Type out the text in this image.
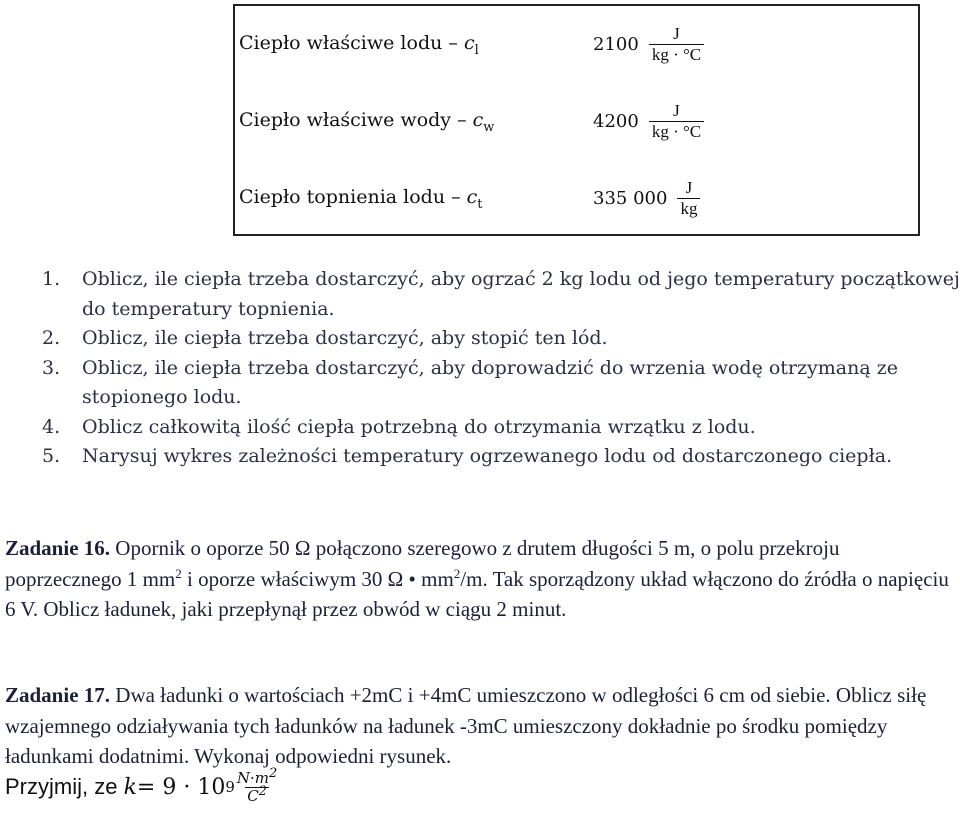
Ciepło właściwe lodu – $c_l$	$2100 \frac{J}{kg \cdot ^\circ C}$
Ciepło właściwe wody – $c_w$	$4200 \frac{J}{kg \cdot ^\circ C}$
Ciepło topnienia lodu – $c_t$	335 $000 \frac{J}{kg}$
1. Oblicz, ile ciepła trzeba dostarczyć, aby ogrzać 2 kg lodu od jego temperatury początkowej do temperatury topnienia.
2. Oblicz, ile ciepła trzeba dostarczyć, aby stopić ten lód.
3. Oblicz, ile ciepła trzeba dostarczyć, aby doprowadzić do wrzenia wodę otrzymaną ze stopionego lodu.
4. Oblicz całkowitą ilość ciepła potrzebną do otrzymania wrzątku z lodu.
5. Narysuj wykres zależności temperatury ogrzewanego lodu od dostarczonego ciepła.
Zadanie 16. Opornik o oporze 50 Ω połączono szeregowo z drutem długości 5 m, o polu przekroju poprzecznego 1 $mm^2$ i oporze właściwym 30 Ω • $mm^2/m$. Tak sporządzony układ włączono do źródła o napięciu 6 V. Oblicz ładunek, jaki przepłynął przez obwód w ciągu 2 minut.
Zadanie 17. Dwa ładunki o wartościach +2mC i +4mC umieszczono w odległości 6 cm od siebie. Oblicz siłę wzajemnego odziaływania tych ładunków na ładunek -3mC umieszczony dokładnie po środku pomiędzy ładunkami dodatnimi. Wykonaj odpowiedni rysunek.
Przyjmij, ze
k = 9 · 10 9 $N\cdot m^2$
$C^2$
